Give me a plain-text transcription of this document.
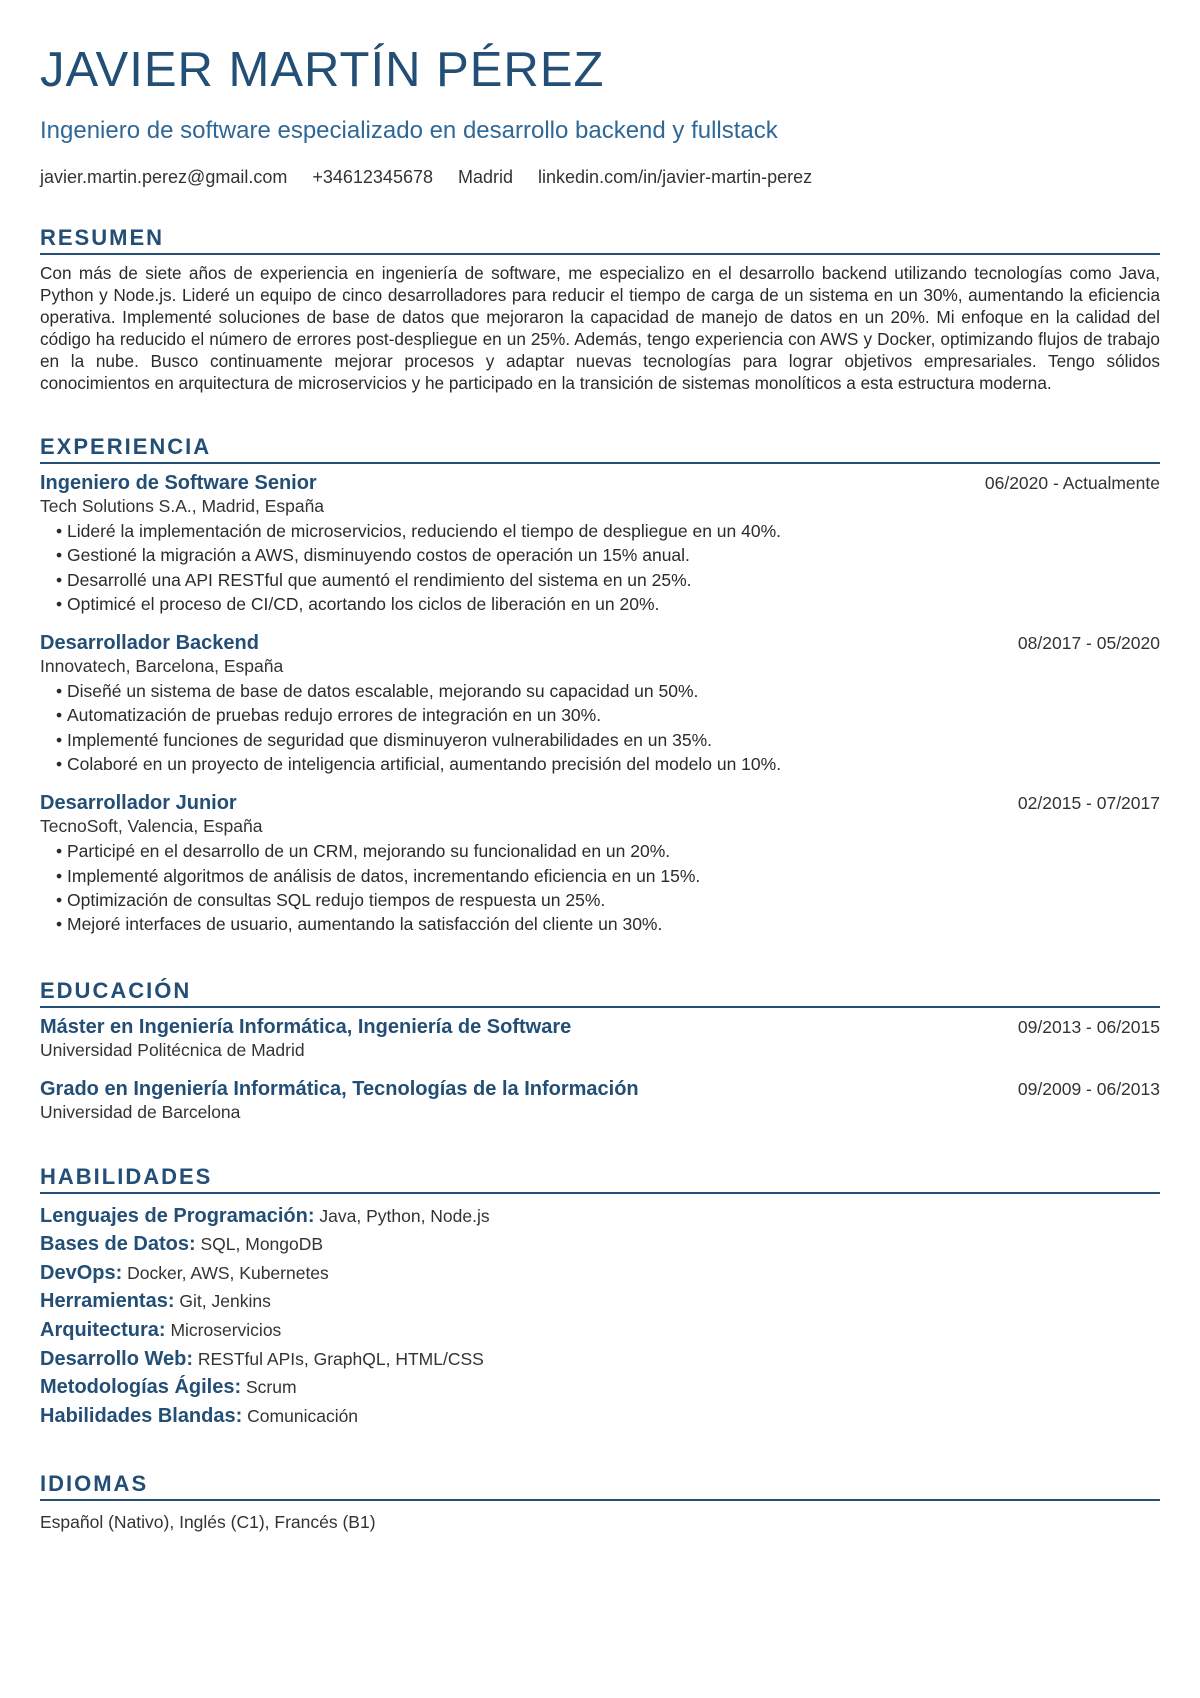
JAVIER MARTÍN PÉREZ
Ingeniero de software especializado en desarrollo backend y fullstack
javier.martin.perez@gmail.com +34612345678 Madrid linkedin.com/in/javier-martin-perez
RESUMEN
Con más de siete años de experiencia en ingeniería de software, me especializo en el desarrollo backend utilizando tecnologías como Java, Python y Node.js. Lideré un equipo de cinco desarrolladores para reducir el tiempo de carga de un sistema en un 30%, aumentando la eficiencia operativa. Implementé soluciones de base de datos que mejoraron la capacidad de manejo de datos en un 20%. Mi enfoque en la calidad del código ha reducido el número de errores post-despliegue en un 25%. Además, tengo experiencia con AWS y Docker, optimizando flujos de trabajo en la nube. Busco continuamente mejorar procesos y adaptar nuevas tecnologías para lograr objetivos empresariales. Tengo sólidos conocimientos en arquitectura de microservicios y he participado en la transición de sistemas monolíticos a esta estructura moderna.
EXPERIENCIA
Ingeniero de Software Senior	06/2020 - Actualmente
Tech Solutions S.A., Madrid, España
• Lideré la implementación de microservicios, reduciendo el tiempo de despliegue en un 40%.
• Gestioné la migración a AWS, disminuyendo costos de operación un 15% anual.
• Desarrollé una API RESTful que aumentó el rendimiento del sistema en un 25%.
• Optimicé el proceso de CI/CD, acortando los ciclos de liberación en un 20%.
Desarrollador Backend	08/2017 - 05/2020
Innovatech, Barcelona, España
• Diseñé un sistema de base de datos escalable, mejorando su capacidad un 50%.
• Automatización de pruebas redujo errores de integración en un 30%.
• Implementé funciones de seguridad que disminuyeron vulnerabilidades en un 35%.
• Colaboré en un proyecto de inteligencia artificial, aumentando precisión del modelo un 10%.
Desarrollador Junior	02/2015 - 07/2017
TecnoSoft, Valencia, España
• Participé en el desarrollo de un CRM, mejorando su funcionalidad en un 20%.
• Implementé algoritmos de análisis de datos, incrementando eficiencia en un 15%.
• Optimización de consultas SQL redujo tiempos de respuesta un 25%.
• Mejoré interfaces de usuario, aumentando la satisfacción del cliente un 30%.
EDUCACIÓN
Máster en Ingeniería Informática, Ingeniería de Software	09/2013 - 06/2015
Universidad Politécnica de Madrid
Grado en Ingeniería Informática, Tecnologías de la Información	09/2009 - 06/2013
Universidad de Barcelona
HABILIDADES
Lenguajes de Programación: Java, Python, Node.js
Bases de Datos: SQL, MongoDB
DevOps: Docker, AWS, Kubernetes
Herramientas: Git, Jenkins
Arquitectura: Microservicios
Desarrollo Web: RESTful APIs, GraphQL, HTML/CSS
Metodologías Ágiles: Scrum
Habilidades Blandas: Comunicación
IDIOMAS
Español (Nativo), Inglés (C1), Francés (B1)
